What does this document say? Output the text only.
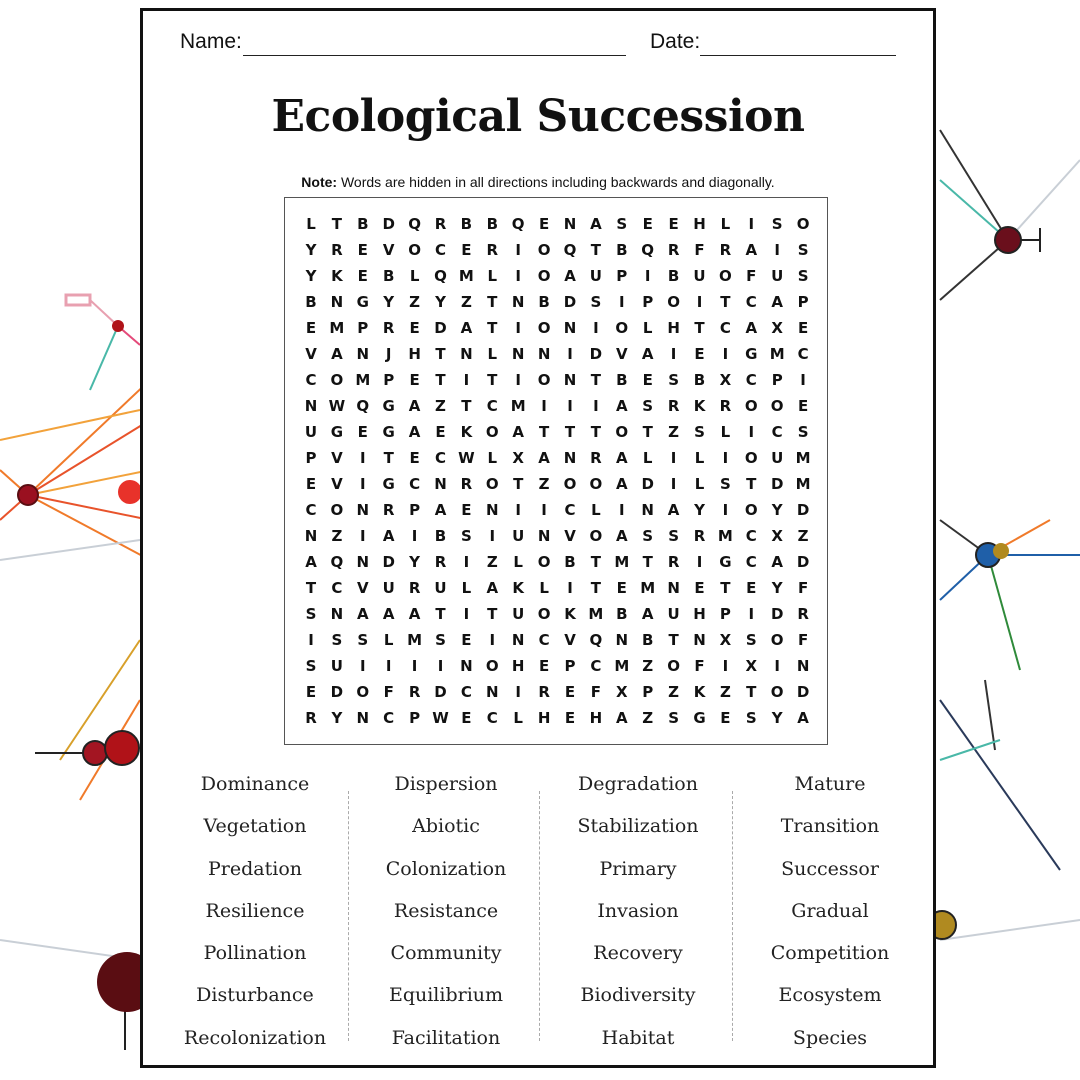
Name:	Date:
Ecological Succession
Note: Words are hidden in all directions including backwards and diagonally.
L	T	B D Q R B B Q E N A S	E	E H L	I	S O
Y R	E V O C	E	R	I	O Q T	B Q R	F R A	I	S
Y K E	B	L Q M L	I	O A U P	I	B U O F U S
B N G Y	Z	Y	Z	T N B D S	I	P O	I	T	C A P
E M P R	E D A T	I	O N	I	O L H T	C A X	E
V A N	J	H T N L N N	I	D V A	I	E	I	G M C
C O M P	E	T	I	T	I	O N T	B	E	S B X C P	I
N W Q G A Z	T	C M	I	I	I	A S R K R O O E
U G E G A E K O A T	T	T O T	Z	S	L	I	C	S
P V	I	T	E	C W L	X A N R A	L	I	L	I	O U M
E V	I	G C N R O T	Z O O A D	I	L	S	T D M
C O N R P A E N	I	I	C	L	I	N A Y	I	O Y D
N Z	I	A	I	B S	I	U N V O A S	S R M C X Z
A Q N D Y R	I	Z	L O B	T M T	R	I	G C A D
T	C V U R U	L	A K	L	I	T	E M N E	T	E	Y	F
S N A A A T	I	T U O K M B A U H P	I	D R
I	S	S	L M S	E	I	N C V Q N B	T N X S O F
S U	I	I	I	I	N O H E	P C M Z O F	I	X	I	N
E D O F	R D C N	I	R	E	F X P Z K Z	T O D
R Y N C P W E	C	L H E H A Z	S G E	S	Y A
Dominance
Vegetation
Predation
Resilience
Pollination
Disturbance
Recolonization
Dispersion
Abiotic
Colonization
Resistance
Community
Equilibrium
Facilitation
Degradation
Stabilization
Primary
Invasion
Recovery
Biodiversity
Habitat
Mature
Transition
Successor
Gradual
Competition
Ecosystem
Species
